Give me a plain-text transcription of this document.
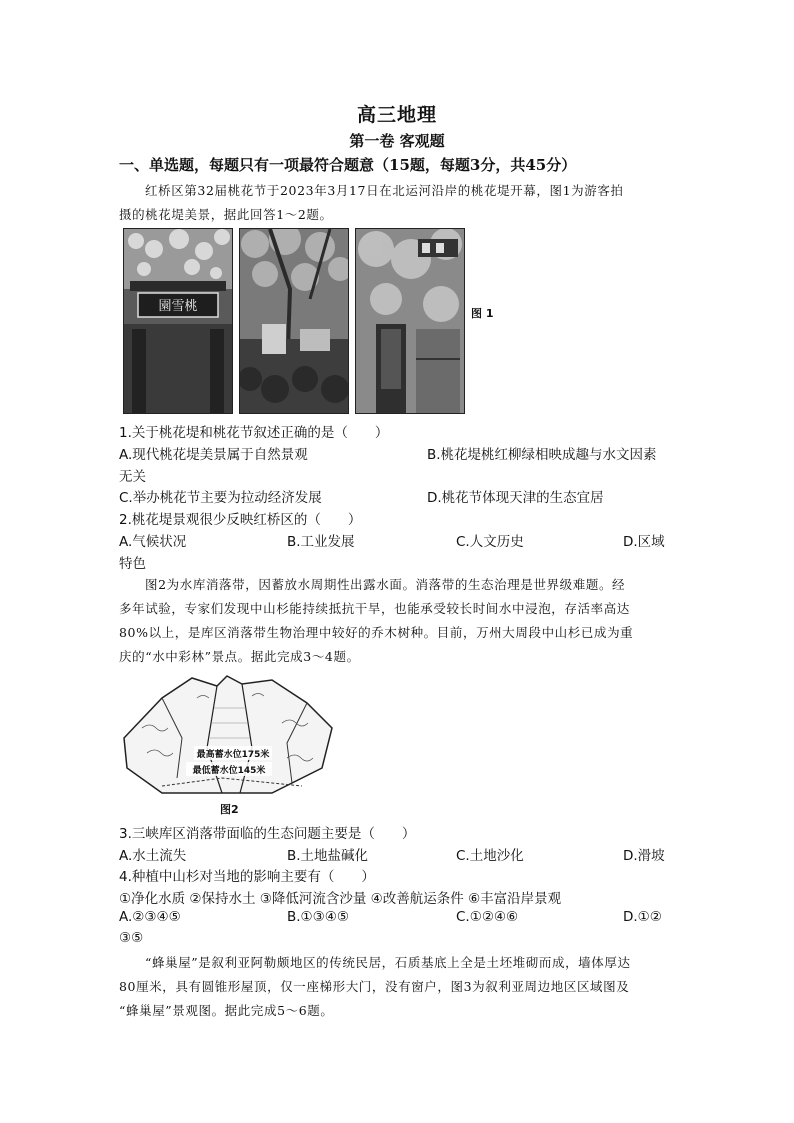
高三地理
第一卷 客观题
一、单选题，每题只有一项最符合题意（15题，每题3分，共45分）
红桥区第32届桃花节于2023年3月17日在北运河沿岸的桃花堤开幕，图1为游客拍
摄的桃花堤美景，据此回答1～2题。
園雪桃	图 1
1.关于桃花堤和桃花节叙述正确的是（　　）
A.现代桃花堤美景属于自然景观	B.桃花堤桃红柳绿相映成趣与水文因素
无关
C.举办桃花节主要为拉动经济发展	D.桃花节体现天津的生态宜居
2.桃花堤景观很少反映红桥区的（　　）
A.气候状况	B.工业发展	C.人文历史	D.区域
特色
图2为水库消落带，因蓄放水周期性出露水面。消落带的生态治理是世界级难题。经
多年试验，专家们发现中山杉能持续抵抗干旱，也能承受较长时间水中浸泡，存活率高达
80%以上，是库区消落带生物治理中较好的乔木树种。目前，万州大周段中山杉已成为重
庆的“水中彩林”景点。据此完成3～4题。
最高蓄水位175米
最低蓄水位145米
图2
3.三峡库区消落带面临的生态问题主要是（　　）
A.水土流失	B.土地盐碱化	C.土地沙化	D.滑坡
4.种植中山杉对当地的影响主要有（　　）
①净化水质 ②保持水土 ③降低河流含沙量 ④改善航运条件 ⑥丰富沿岸景观
A.②③④⑤	B.①③④⑤	C.①②④⑥	D.①②
③⑤
“蜂巢屋”是叙利亚阿勒颇地区的传统民居，石质基底上全是土坯堆砌而成，墙体厚达
80厘米，具有圆锥形屋顶，仅一座梯形大门，没有窗户，图3为叙利亚周边地区区域图及
“蜂巢屋”景观图。据此完成5～6题。
